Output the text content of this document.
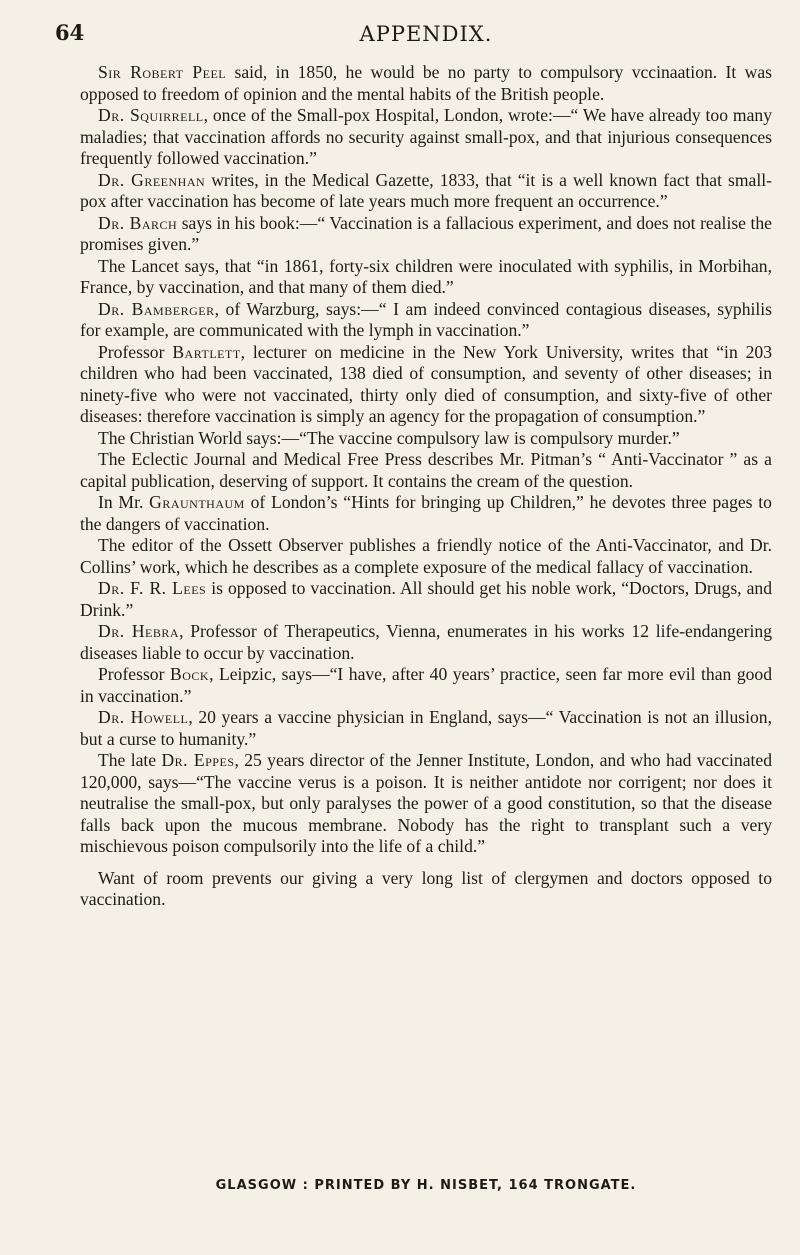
64	APPENDIX.

Sir Robert Peel said, in 1850, he would be no party to compulsory vccinaation. It was opposed to freedom of opinion and the mental habits of the British people.

Dr. Squirrell, once of the Small-pox Hospital, London, wrote:—“ We have already too many maladies; that vaccination affords no security against small-pox, and that injurious consequences frequently followed vaccination.”

Dr. Greenhan writes, in the Medical Gazette, 1833, that “it is a well known fact that small-pox after vaccination has become of late years much more frequent an occurrence.”

Dr. Barch says in his book:—“ Vaccination is a fallacious experiment, and does not realise the promises given.”

The Lancet says, that “in 1861, forty-six children were inoculated with syphilis, in Morbihan, France, by vaccination, and that many of them died.”

Dr. Bamberger, of Warzburg, says:—“ I am indeed convinced contagious diseases, syphilis for example, are communicated with the lymph in vaccination.”

Professor Bartlett, lecturer on medicine in the New York University, writes that “in 203 children who had been vaccinated, 138 died of consumption, and seventy of other diseases; in ninety-five who were not vaccinated, thirty only died of consumption, and sixty-five of other diseases: therefore vaccination is simply an agency for the propagation of consumption.”

The Christian World says:—“The vaccine compulsory law is compulsory murder.”

The Eclectic Journal and Medical Free Press describes Mr. Pitman’s “ Anti-Vaccinator ” as a capital publication, deserving of support. It contains the cream of the question.

In Mr. Graunthaum of London’s “Hints for bringing up Children,” he devotes three pages to the dangers of vaccination.

The editor of the Ossett Observer publishes a friendly notice of the Anti-Vaccinator, and Dr. Collins’ work, which he describes as a complete exposure of the medical fallacy of vaccination.

Dr. F. R. Lees is opposed to vaccination. All should get his noble work, “Doctors, Drugs, and Drink.”

Dr. Hebra, Professor of Therapeutics, Vienna, enumerates in his works 12 life-endangering diseases liable to occur by vaccination.

Professor Bock, Leipzic, says—“I have, after 40 years’ practice, seen far more evil than good in vaccination.”

Dr. Howell, 20 years a vaccine physician in England, says—“ Vaccination is not an illusion, but a curse to humanity.”

The late Dr. Eppes, 25 years director of the Jenner Institute, London, and who had vaccinated 120,000, says—“The vaccine verus is a poison. It is neither antidote nor corrigent; nor does it neutralise the small-pox, but only paralyses the power of a good constitution, so that the disease falls back upon the mucous membrane. Nobody has the right to transplant such a very mischievous poison compulsorily into the life of a child.”

Want of room prevents our giving a very long list of clergymen and doctors opposed to vaccination.

GLASGOW : PRINTED BY H. NISBET, 164 TRONGATE.
